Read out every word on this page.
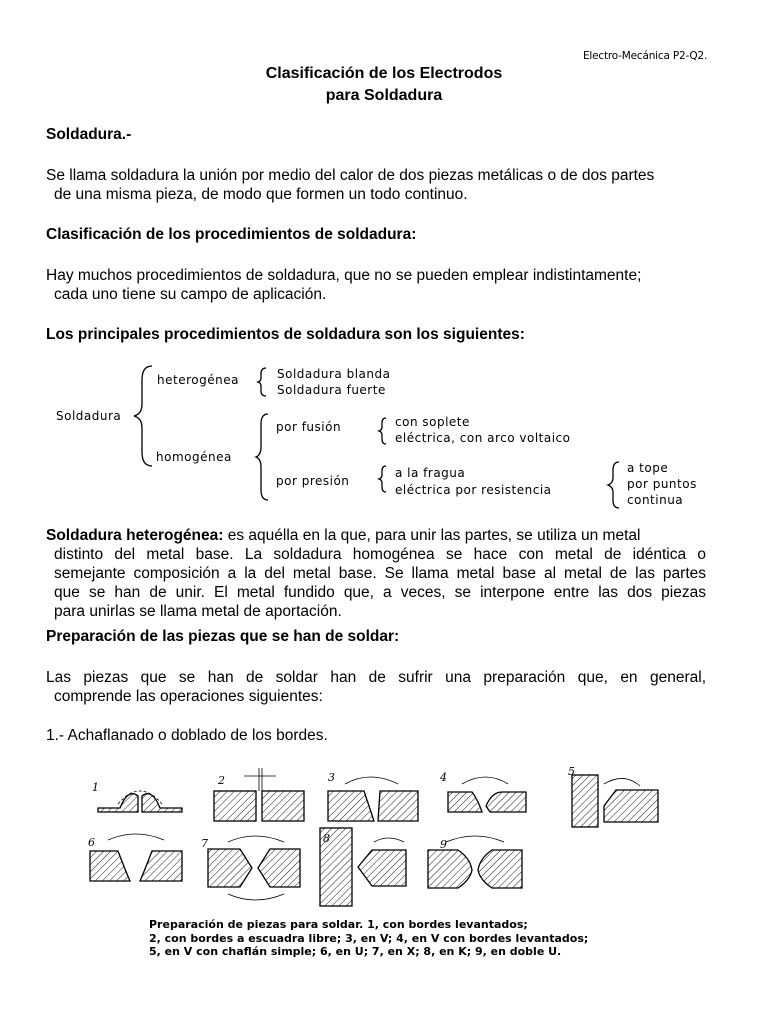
Electro-Mecánica P2-Q2.
Clasificación de los Electrodos
para Soldadura
Soldadura.-
Se llama soldadura la unión por medio del calor de dos piezas metálicas o de dos partes
de una misma pieza, de modo que formen un todo continuo.
Clasificación de los procedimientos de soldadura:
Hay muchos procedimientos de soldadura, que no se pueden emplear indistintamente;
cada uno tiene su campo de aplicación.
Los principales procedimientos de soldadura son los siguientes:
Soldadura
heterogénea	Soldadura blanda
Soldadura fuerte
homogénea
por fusión	con soplete
eléctrica, con arco voltaico
por presión
a la fragua
eléctrica por resistencia
a tope
por puntos
continua
Soldadura heterogénea: es aquélla en la que, para unir las partes, se utiliza un metal
distinto del metal base. La soldadura homogénea se hace con metal de idéntica o
semejante composición a la del metal base. Se llama metal base al metal de las partes
que se han de unir. El metal fundido que, a veces, se interpone entre las dos piezas
para unirlas se llama metal de aportación.
Preparación de las piezas que se han de soldar:
Las piezas que se han de soldar han de sufrir una preparación que, en general,
comprende las operaciones siguientes:
1.- Achaflanado o doblado de los bordes.
1
2	3	4	5
6	7	8	9
Preparación de piezas para soldar. 1, con bordes levantados;
2, con bordes a escuadra libre; 3, en V; 4, en V con bordes levantados;
5, en V con chaflán simple; 6, en U; 7, en X; 8, en K; 9, en doble U.
